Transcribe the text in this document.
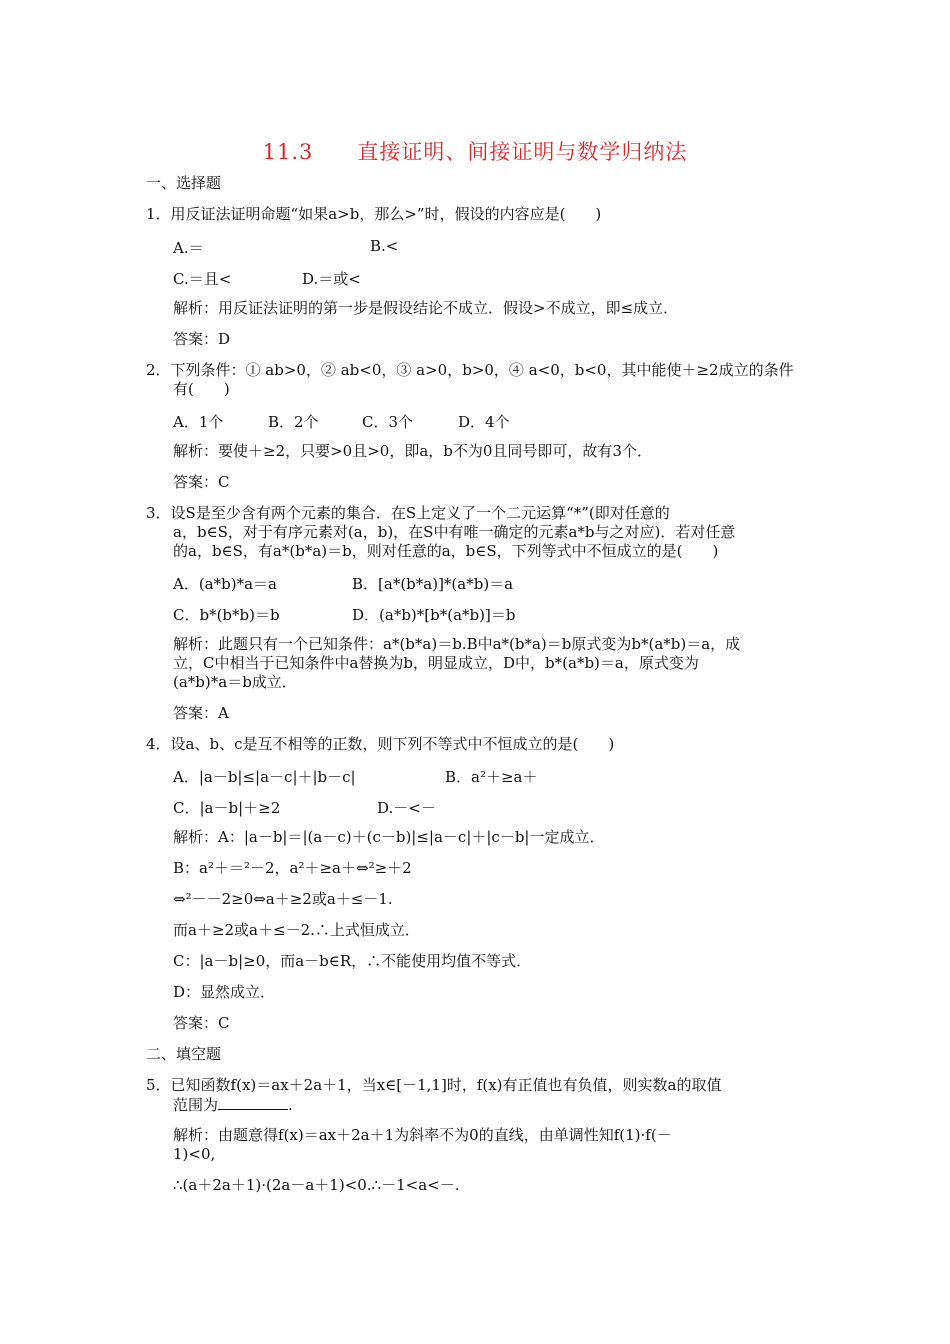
11.3　　直接证明、间接证明与数学归纳法
一、选择题
1．用反证法证明命题“如果a>b，那么>”时，假设的内容应是(　　)
A.＝	B.<
C.＝且<	D.＝或<
解析：用反证法证明的第一步是假设结论不成立．假设>不成立，即≤成立．
答案：D
2．下列条件：① ab>0，② ab<0，③ a>0，b>0，④ a<0，b<0，其中能使＋≥2成立的条件
有(　　)
A．1个	B．2个	C．3个	D．4个
解析：要使＋≥2，只要>0且>0，即a，b不为0且同号即可，故有3个．
答案：C
3．设S是至少含有两个元素的集合．在S上定义了一个二元运算“*”(即对任意的
a，b∈S，对于有序元素对(a，b)，在S中有唯一确定的元素a*b与之对应)．若对任意
的a，b∈S，有a*(b*a)＝b，则对任意的a，b∈S，下列等式中不恒成立的是(　　)
A．(a*b)*a＝a	B．[a*(b*a)]*(a*b)＝a
C．b*(b*b)＝b	D．(a*b)*[b*(a*b)]＝b
解析：此题只有一个已知条件：a*(b*a)＝b.B中a*(b*a)＝b原式变为b*(a*b)＝a，成
立，C中相当于已知条件中a替换为b，明显成立，D中，b*(a*b)＝a，原式变为
(a*b)*a＝b成立．
答案：A
4．设a、b、c是互不相等的正数，则下列不等式中不恒成立的是(　　)
A．|a－b|≤|a－c|＋|b－c|	B．a²＋≥a＋
C．|a－b|＋≥2	D.－<－
解析：A：|a－b|＝|(a－c)＋(c－b)|≤|a－c|＋|c－b|一定成立．
B：a²＋＝²－2，a²＋≥a＋⇔²≥＋2
⇔²－－2≥0⇔a＋≥2或a＋≤－1.
而a＋≥2或a＋≤－2.∴上式恒成立．
C：|a－b|≥0，而a－b∈R，∴不能使用均值不等式．
D：显然成立．
答案：C
二、填空题
5．已知函数f(x)＝ax＋2a＋1，当x∈[－1,1]时，f(x)有正值也有负值，则实数a的取值
范围为	.
解析：由题意得f(x)＝ax＋2a＋1为斜率不为0的直线，由单调性知f(1)·f(－
1)<0,
∴(a＋2a＋1)·(2a－a＋1)<0.∴－1<a<－.
